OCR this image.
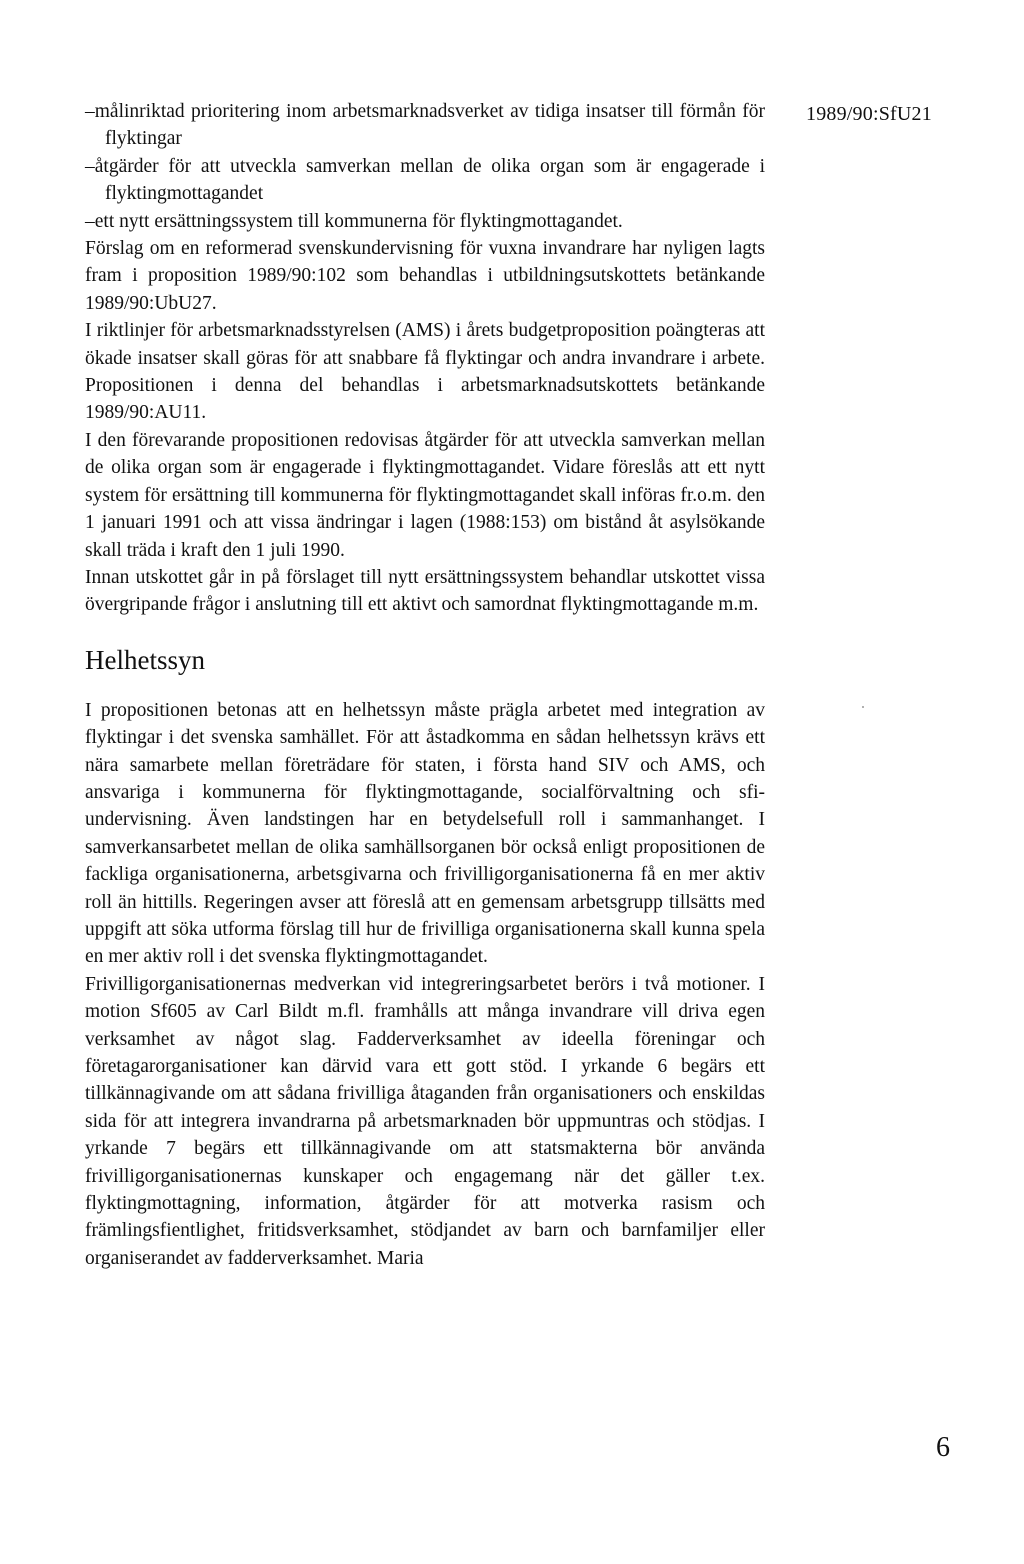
1989/90:SfU21

–målinriktad prioritering inom arbetsmarknadsverket av tidiga insatser till förmån för flyktingar

–åtgärder för att utveckla samverkan mellan de olika organ som är engagerade i flyktingmottagandet

–ett nytt ersättningssystem till kommunerna för flyktingmottagandet.

Förslag om en reformerad svenskundervisning för vuxna invandrare har nyligen lagts fram i proposition 1989/90:102 som behandlas i utbildningsutskottets betänkande 1989/90:UbU27.

I riktlinjer för arbetsmarknadsstyrelsen (AMS) i årets budgetproposition poängteras att ökade insatser skall göras för att snabbare få flyktingar och andra invandrare i arbete. Propositionen i denna del behandlas i arbetsmarknadsutskottets betänkande 1989/90:AU11.

I den förevarande propositionen redovisas åtgärder för att utveckla samverkan mellan de olika organ som är engagerade i flyktingmottagandet. Vidare föreslås att ett nytt system för ersättning till kommunerna för flyktingmottagandet skall införas fr.o.m. den 1 januari 1991 och att vissa ändringar i lagen (1988:153) om bistånd åt asylsökande skall träda i kraft den 1 juli 1990.

Innan utskottet går in på förslaget till nytt ersättningssystem behandlar utskottet vissa övergripande frågor i anslutning till ett aktivt och samordnat flyktingmottagande m.m.

Helhetssyn

I propositionen betonas att en helhetssyn måste prägla arbetet med integration av flyktingar i det svenska samhället. För att åstadkomma en sådan helhetssyn krävs ett nära samarbete mellan företrädare för staten, i första hand SIV och AMS, och ansvariga i kommunerna för flyktingmottagande, socialförvaltning och sfi-undervisning. Även landstingen har en betydelsefull roll i sammanhanget. I samverkansarbetet mellan de olika samhällsorganen bör också enligt propositionen de fackliga organisationerna, arbetsgivarna och frivilligorganisationerna få en mer aktiv roll än hittills. Regeringen avser att föreslå att en gemensam arbetsgrupp tillsätts med uppgift att söka utforma förslag till hur de frivilliga organisationerna skall kunna spela en mer aktiv roll i det svenska flyktingmottagandet.

Frivilligorganisationernas medverkan vid integreringsarbetet berörs i två motioner. I motion Sf605 av Carl Bildt m.fl. framhålls att många invandrare vill driva egen verksamhet av något slag. Fadderverksamhet av ideella föreningar och företagarorganisationer kan därvid vara ett gott stöd. I yrkande 6 begärs ett tillkännagivande om att sådana frivilliga åtaganden från organisationers och enskildas sida för att integrera invandrarna på arbetsmarknaden bör uppmuntras och stödjas. I yrkande 7 begärs ett tillkännagivande om att statsmakterna bör använda frivilligorganisationernas kunskaper och engagemang när det gäller t.ex. flyktingmottagning, information, åtgärder för att motverka rasism och främlingsfientlighet, fritidsverksamhet, stödjandet av barn och barnfamiljer eller organiserandet av fadderverksamhet. Maria

6
